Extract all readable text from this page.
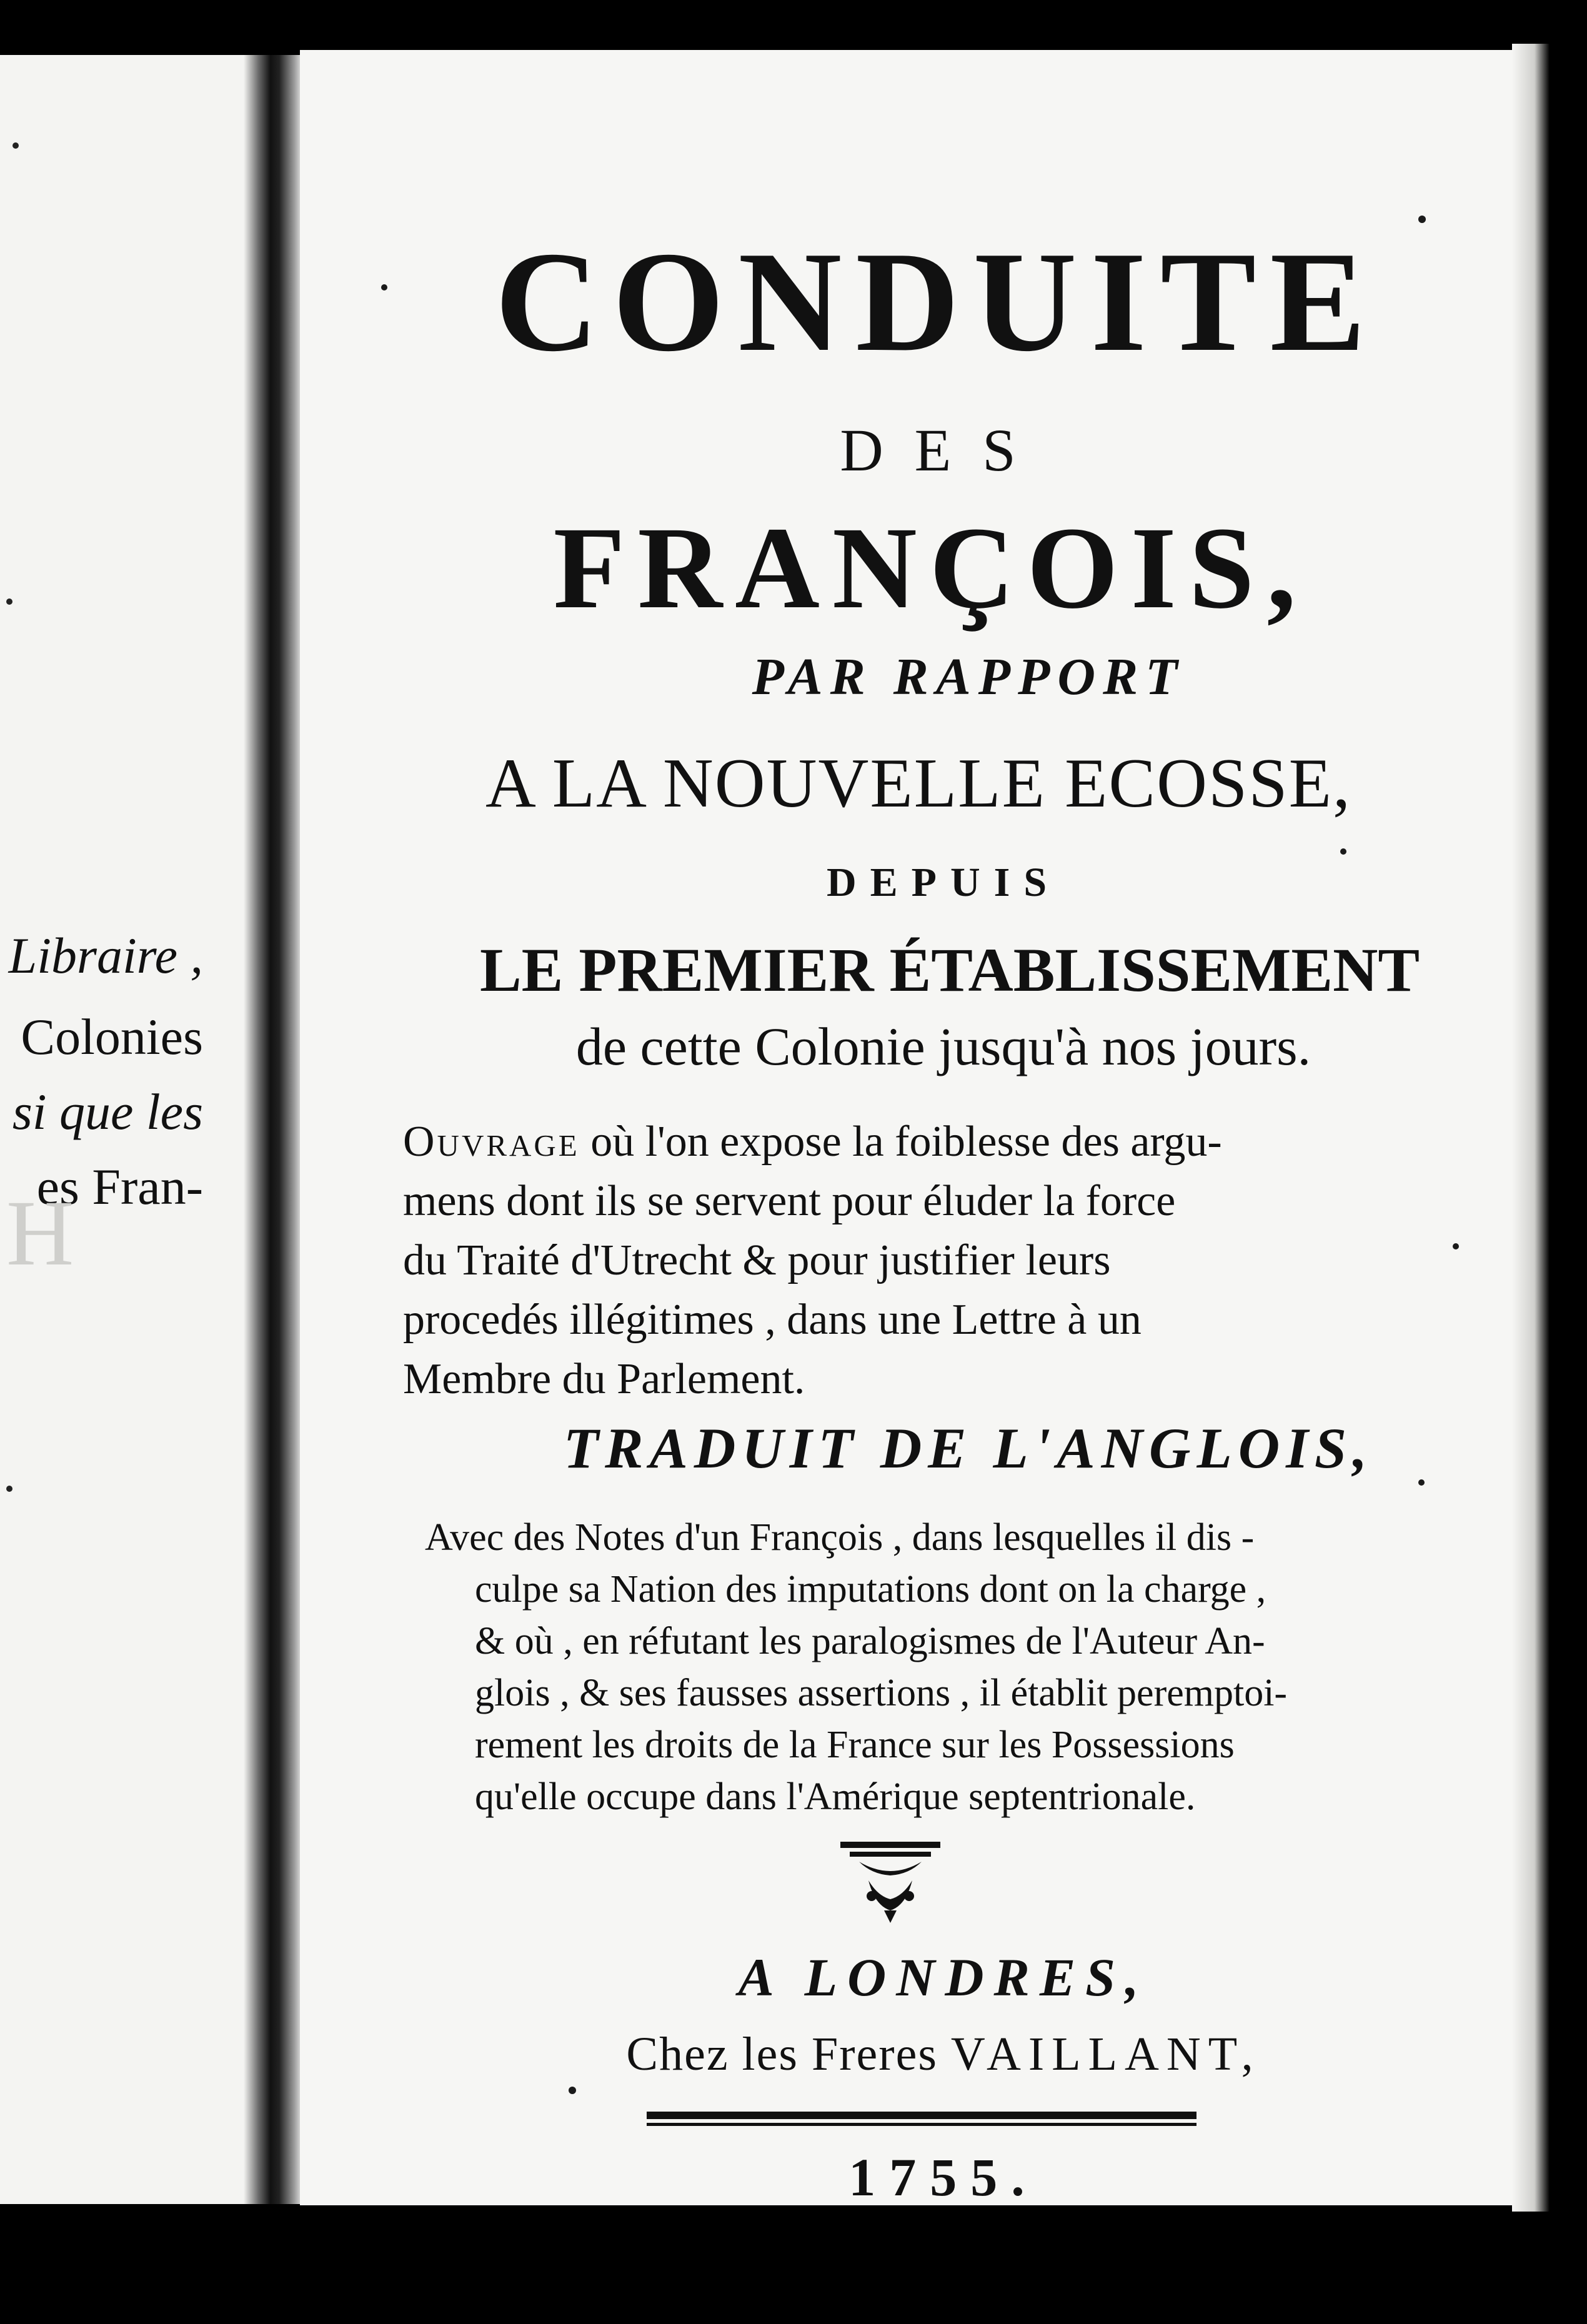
Libraire ,
Colonies
si que les
es Fran-
H
CONDUITE
DES
FRANÇOIS,
PAR RAPPORT
A LA NOUVELLE ECOSSE,
DEPUIS
LE PREMIER ÉTABLISSEMENT
de cette Colonie jusqu'à nos jours.
Ouvrage où l'on expose la foiblesse des argu-
mens dont ils se servent pour éluder la force
du Traité d'Utrecht & pour justifier leurs
procedés illégitimes , dans une Lettre à un
Membre du Parlement.
TRADUIT DE L'ANGLOIS,
Avec des Notes d'un François , dans lesquelles il dis -
culpe sa Nation des imputations dont on la charge ,
& où , en réfutant les paralogismes de l'Auteur An-
glois , & ses fausses assertions , il établit peremptoi-
rement les droits de la France sur les Possessions
qu'elle occupe dans l'Amérique septentrionale.
A LONDRES,
Chez les Freres VAILLANT,
1755.
